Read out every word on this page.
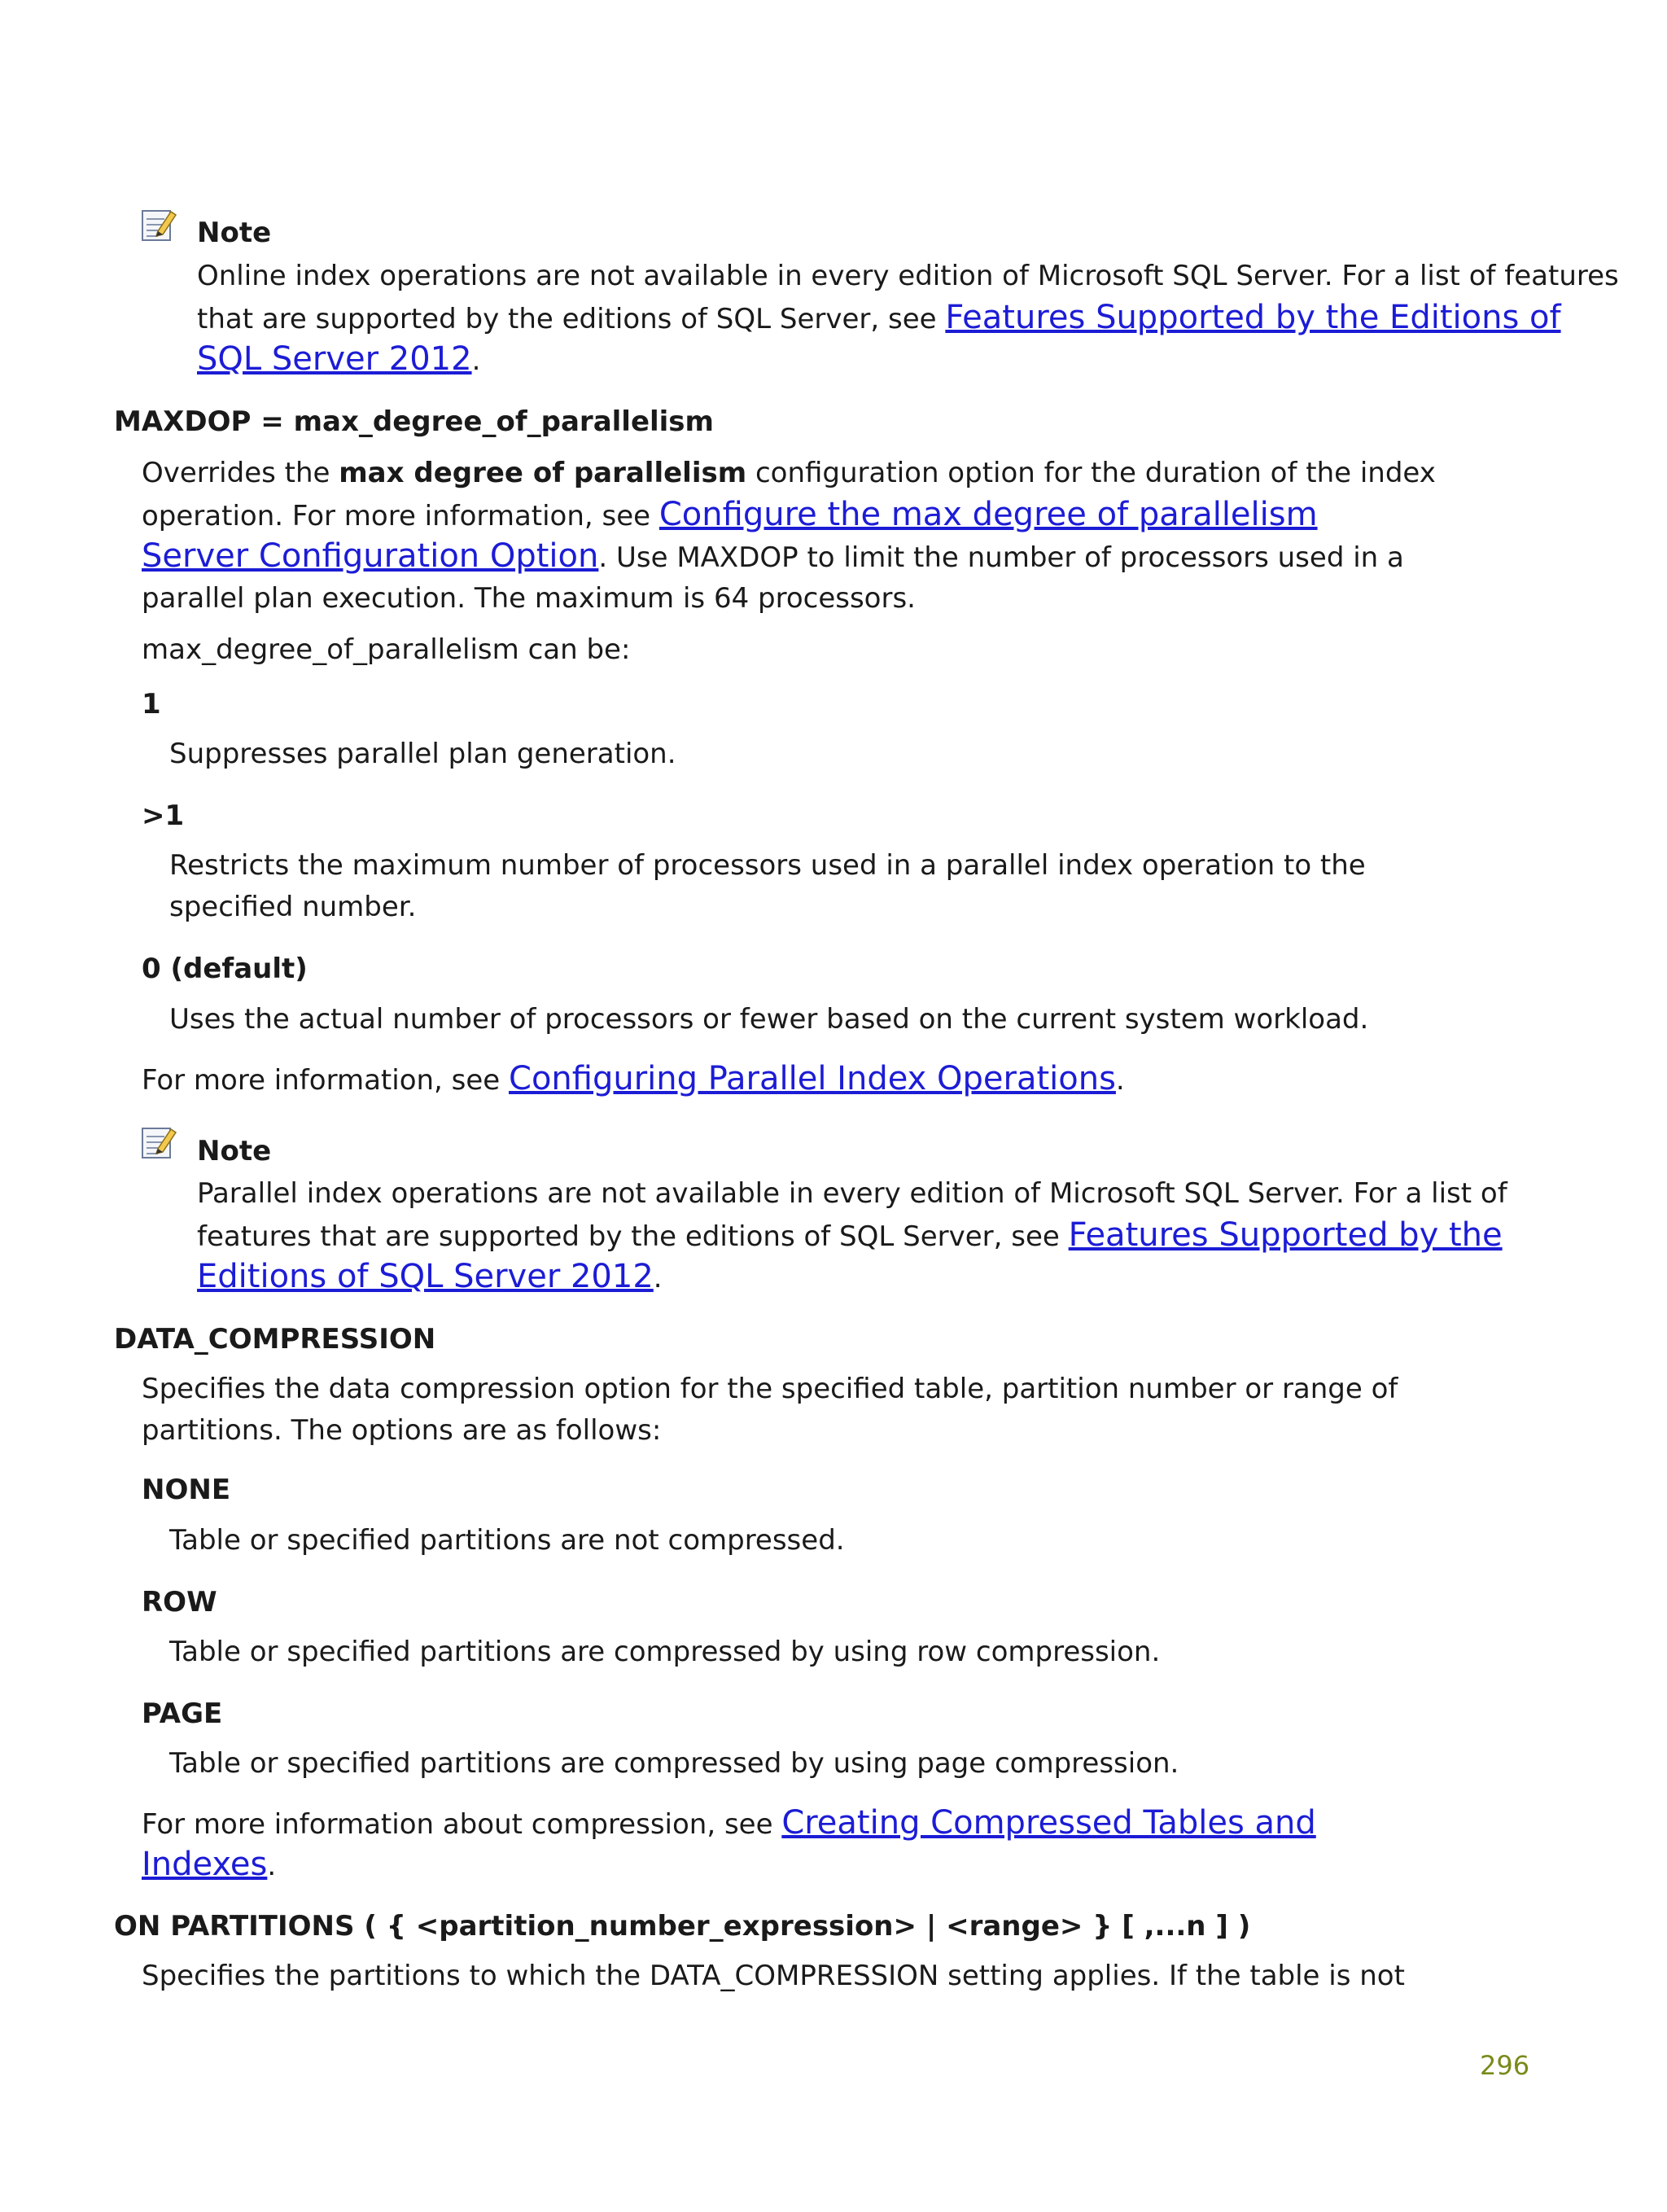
Note
Online index operations are not available in every edition of Microsoft SQL Server. For a list of features
that are supported by the editions of SQL Server, see Features Supported by the Editions of
SQL Server 2012.
MAXDOP = max_degree_of_parallelism
Overrides the max degree of parallelism configuration option for the duration of the index
operation. For more information, see Configure the max degree of parallelism
Server Configuration Option. Use MAXDOP to limit the number of processors used in a
parallel plan execution. The maximum is 64 processors.
max_degree_of_parallelism can be:
1
Suppresses parallel plan generation.
>1
Restricts the maximum number of processors used in a parallel index operation to the
specified number.
0 (default)
Uses the actual number of processors or fewer based on the current system workload.
For more information, see Configuring Parallel Index Operations.
Note
Parallel index operations are not available in every edition of Microsoft SQL Server. For a list of
features that are supported by the editions of SQL Server, see Features Supported by the
Editions of SQL Server 2012.
DATA_COMPRESSION
Specifies the data compression option for the specified table, partition number or range of
partitions. The options are as follows:
NONE
Table or specified partitions are not compressed.
ROW
Table or specified partitions are compressed by using row compression.
PAGE
Table or specified partitions are compressed by using page compression.
For more information about compression, see Creating Compressed Tables and
Indexes.
ON PARTITIONS ( { <partition_number_expression> | <range> } [ ,...n ] )
Specifies the partitions to which the DATA_COMPRESSION setting applies. If the table is not
296
